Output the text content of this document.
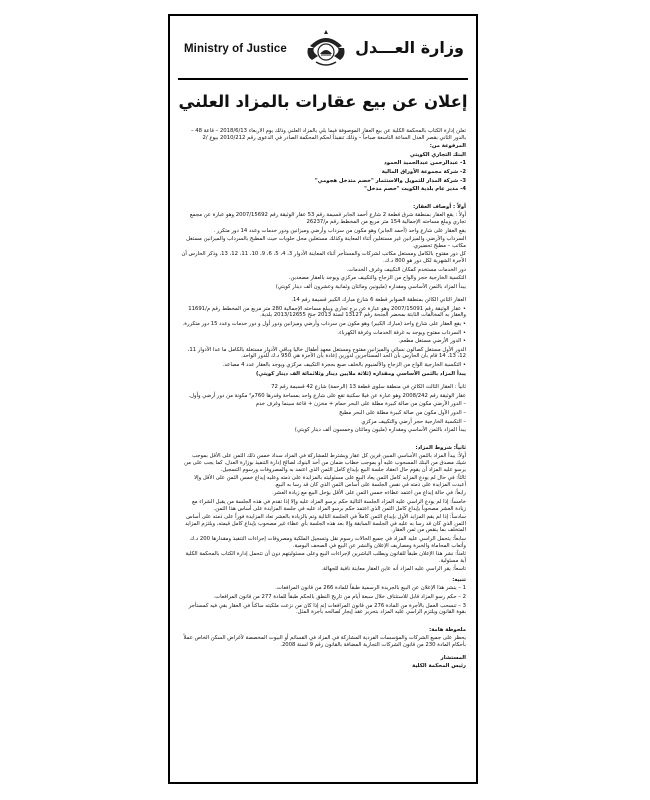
Ministry of Justice	وزارة العـــدل
إعلان عن بيع عقارات بالمزاد العلني

تعلن إدارة الكتاب بالمحكمة الكلية عن بيع العقار الموصوفة فيما يلي بالمزاد العلني وذلك يوم الأربعاء 2018/6/13 – قاعة 48 – بالدور الثاني بقصر العدل الساعة التاسعة صباحاً – وذلك تنفيذاً لحكم المحكمة الصادر في الدعوى رقم 2010/212 بيوع /2

المرفوعة من:

البنك التجاري الكويتي

1- عبدالرحمن عبدالحميد الحمود

2- شركة مجموعة الأوراق المالية

3- شركة المدار للتمويل والاستثمار "خصم متدخل هجومي"

4- مدير عام بلدية الكويت "خصم مدخل"

أولاً : أوصاف العقار:

أولاً : يقع العقار بمنطقة شرق قطعة 2 شارع أحمد الجابر قسيمة رقم 53 عقار الوثيقة رقم 2007/15692 وهو عبارة عن مجمع تجاري ويبلغ مساحته الإجمالية 154 متر مربع من المخطط رقم م/26237

يقع العقار على شارع واحد (أحمد الجابر) وهو مكون من سرداب وأرضي وميزانين ودور خدمات وعدد 14 دور متكرر .

السرداب والأرضي والميزانين غير مستغلين أثناء المعاينة وكذلك مستغلين محل حلويات حيث المطبخ بالسرداب والميزانين مستغل مكاتب – مطبخ تحضيري.

كل دور مفتوح بالكامل ومستغل مكاتب لشركات والمستأجر أثناء المعاينة الأدوار 3، 4، 5، 6، 9، 10، 11، 12، 13، وذكر الحارس أن الأجرة الشهرية لكل دور هو 800 د.ك.

دور الخدمات مستخدم كمكان التكييف وغرف الخدمات.

التكسية الخارجية حجر والواح من الزجاج والتكييف مركزي ويوجد بالعقار مصعدين.

يبدأ المزاد بالثمن الأساسي ومقداره (مليونين ومائتان وثمانية وعشرون ألف دينار كويتي)

العقار الثاني الكائن بمنطقة الصوابر قطعة 6 شارع مبارك الكبير قسيمة رقم 14.

• عقار الوثيقة رقم 2007/15091 وهو عبارة عن برج تجاري ويبلغ مساحته الإجمالية 280 متر مربع من المخطط رقم م/11691 والعقار به المخالفات الثابتة بمحضر الجنحة رقم 13127 لسنة 2013 جنح 2013/12655 بلدية.

• يقع العقار على شارع واحد (مبارك الكبير) وهو مكون من سرداب وأرضي وميزانين ودور أول و دور خدمات وعدد 15 دور متكررة.

• السرداب مفتوح ويوجد به غرفة الخدمات وغرفة الكهرباء.

• الدور الأرضي مستغل مطعم.

الدور الأول مستغل كصالون نسائي والميزانين مفتوح ومستغل معهد أطفال خاليا وباقي الأدوار مستغلة بالكامل ما عدا الأدوار 11، 12، 13، 14 قام بأن الحارس بأن الحد المستأجرين لدورين إعادة بأن الأجرة هي 950 د.ك للدور الواحد.

• التكسية الخارجية الواح من الزجاج والألمنيوم بالخلف صبغ بحجرة التكييف مركزي ويوجد بالعقار عدد 4 مصاعد.

يبدأ المزاد بالثمن الأساسي ومقداره (ثلاثة ملايين دينار وثلاثمائة الف دينار كويتي)

ثانياً : العقار الثالث الكائن في منطقة سلوى قطعة 13 (الرحمة) شارع 42 قسيمة رقم 72

عقار الوثيقة رقم 2008/242 وهو عبارة عن فيلا سكنية تقع على شارع واحد بمساحة وقدرها 760م² مكونة من دور أرضي وأول.

– الدور الأرضي مكون من صالة كبيرة مطلة على البحر حمام + مخزن + قاعة سينما وغرف خدم

– الدور الأول مكون من صالة كبيرة مطلة على البحر مطبخ

– التكسية الخارجية حجر أرضي والتكييف مركزي

يبدأ المزاد بالثمن الأساسي ومقداره (مليون ومائتان وخمسون ألف دينار كويتي)

ثانياً: شروط المزاد:

أولاً: يبدأ المزاد بالثمن الأساسي المبين قرين كل عقار ويشترط للمشاركة في المزاد سداد خمس ذلك الثمن على الأقل بموجب شيك مصدق من البنك المسحوب عليه أو بموجب خطاب ضمان من أحد البنوك لصالح إدارة التنفيذ بوزارة العدل، كما يجب على من يرسو عليه المزاد أن يقوم حال انعقاد جلسة البيع بإيداع كامل الثمن الذي اعتمد به والمصروفات ورسوم التسجيل.

ثالثاً: في حال لم يودع المزايد كامل الثمن يعاد البيع على مسئوليته بالمزايدة على ذمته وعليه إيداع خمس الثمن على الأقل وإلا أعيدت المزايدة على ذمته في نفس الجلسة على أساس الثمن الذي كان قد رسا به البيع.

رابعاً: في حالة إيداع من اعتمد عطاءه خمس الثمن على الأقل يؤجل البيع مع زيادة العشر.

خامساً: إذا لم يودع الراسي عليه المزاد الجلسة التالية حكم برسو المزاد عليه وإلا إذا تقدم في هذه الجلسة من يقبل الشراء مع زيادة العشر مصحوباً بإيداع كامل الثمن الذي اعتمد حكم برسو المزاد عليه في جلسة المزايدة على أساس هذا الثمن.

سادساً: إذا لم يقم المزايد الأول بإيداع الثمن كاملاً في الجلسة التالية وتم بالزيادة بالعشر تعاد المزايدة فوراً على ذمته على أساس الثمن الذي كان قد رسا به عليه في الجلسة السابقة وإلا بعد هذه الجلسة بأي عطاء غير مصحوب بإيداع كامل قيمته، ويلتزم المزايد المتخلف بما ينقص من ثمن العقار.

سابعاً: يتحمل الراسي عليه المزاد في جميع الحالات رسوم نقل وتسجيل الملكية ومصروفات إجراءات التنفيذ ومقدارها 200 د.ك وأتعاب المحاماة والخبرة ومصاريف الإعلان والنشر عن البيع في الصحف اليومية.

ثامناً: نشر هذا الإعلان طبقاً للقانون ويطلب الباشرين لإجراءات البيع وعلى مسئوليتهم دون أن تتحمل إدارة الكتاب بالمحكمة الكلية أية مسئولية.

تاسعاً: يقر الراسي عليه المزاد أنه عاين العقار معاينة نافية للجهالة.

تنبيه:

1 – ينشر هذا الإعلان عن البيع بالجريدة الرسمية طبقاً للمادة 266 من قانون المرافعات.

2 – حكم رسو المزاد قابل للاستئناف خلال سبعة أيام من تاريخ النطق بالحكم طبقاً للمادة 277 من قانون المرافعات.

3 – تنسحب العمل بالأجرة من المادة 276 من قانون المرافعات إنه إذا كان من نزعت ملكيته ساكناً في العقار بقي فيه كمستأجر بقوة القانون ويلتزم الراسي عليه المزاد بتحرير عقد إيجار لصالحه بأجرة المثل.

ملحوظة هامة:

يحظر على جميع الشركات والمؤسسات الفردية المشاركة في المزاد في القسائم أو البيوت المخصصة لأغراض السكن الخاص عملاً بأحكام المادة 230 من قانون الشركات التجارية المضافة بالقانون رقم 9 لسنة 2008.

المستشار

رئيس المحكمة الكلية
